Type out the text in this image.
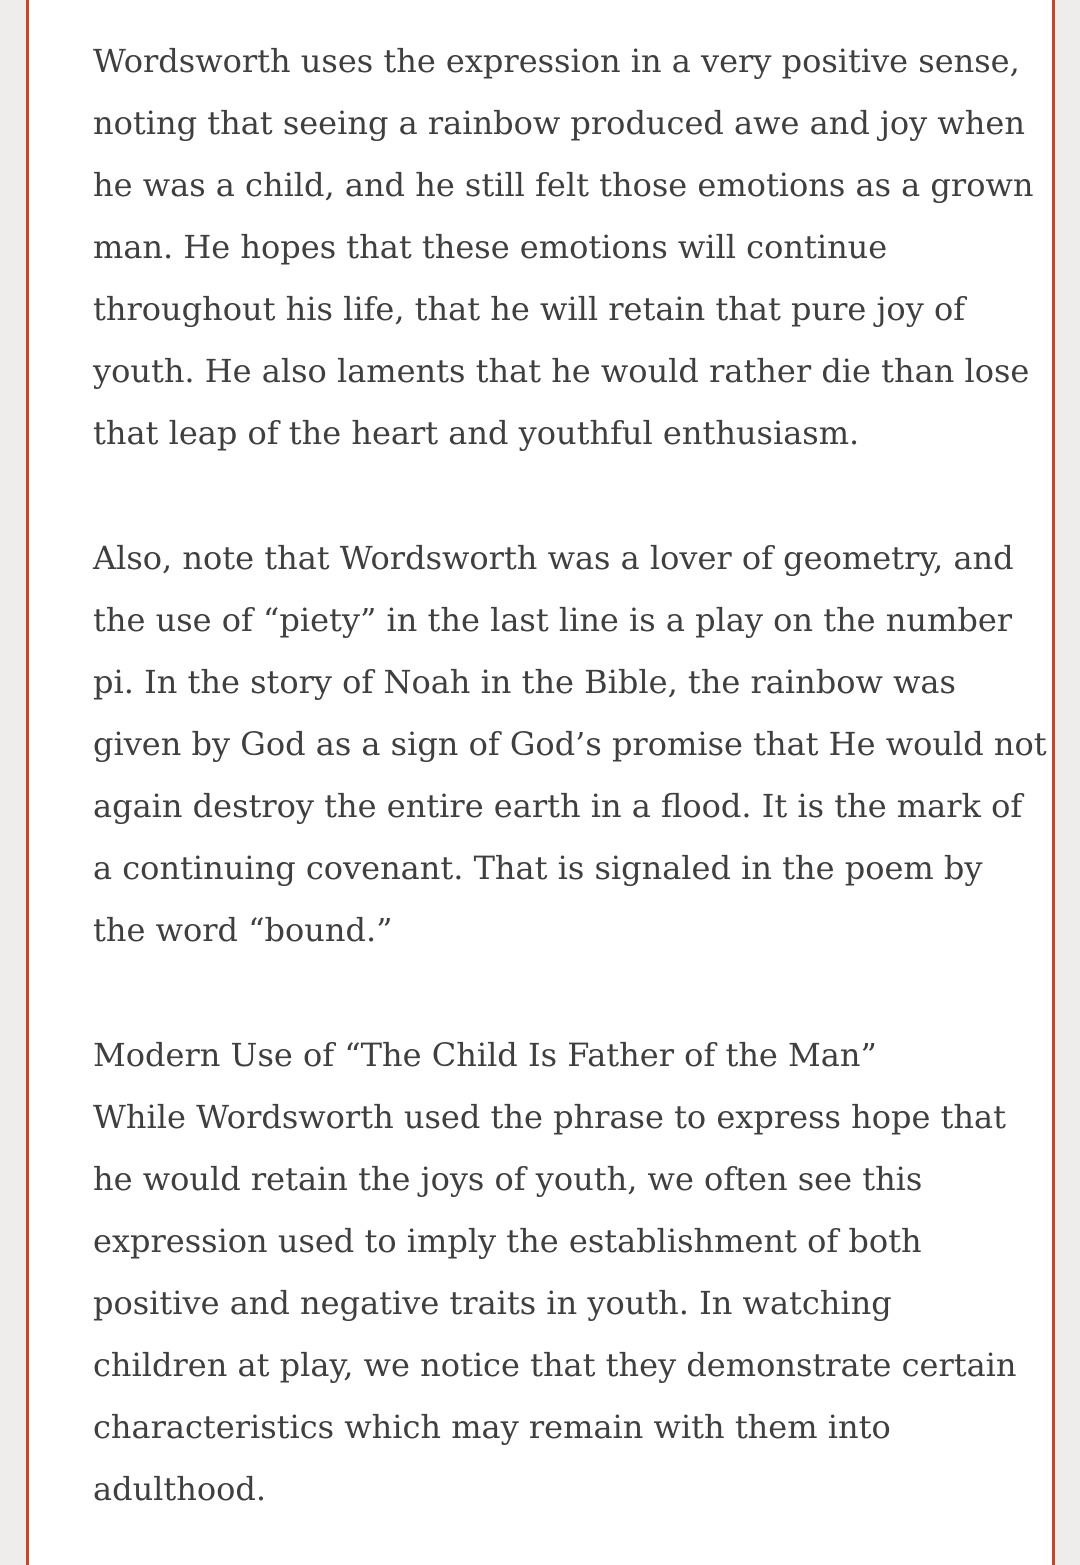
Wordsworth uses the expression in a very positive sense,
noting that seeing a rainbow produced awe and joy when
he was a child, and he still felt those emotions as a grown
man. He hopes that these emotions will continue
throughout his life, that he will retain that pure joy of
youth. He also laments that he would rather die than lose
that leap of the heart and youthful enthusiasm.

Also, note that Wordsworth was a lover of geometry, and
the use of “piety” in the last line is a play on the number
pi. In the story of Noah in the Bible, the rainbow was
given by God as a sign of God’s promise that He would not
again destroy the entire earth in a flood. It is the mark of
a continuing covenant. That is signaled in the poem by
the word “bound.”

Modern Use of “The Child Is Father of the Man”
While Wordsworth used the phrase to express hope that
he would retain the joys of youth, we often see this
expression used to imply the establishment of both
positive and negative traits in youth. In watching
children at play, we notice that they demonstrate certain
characteristics which may remain with them into
adulthood.
